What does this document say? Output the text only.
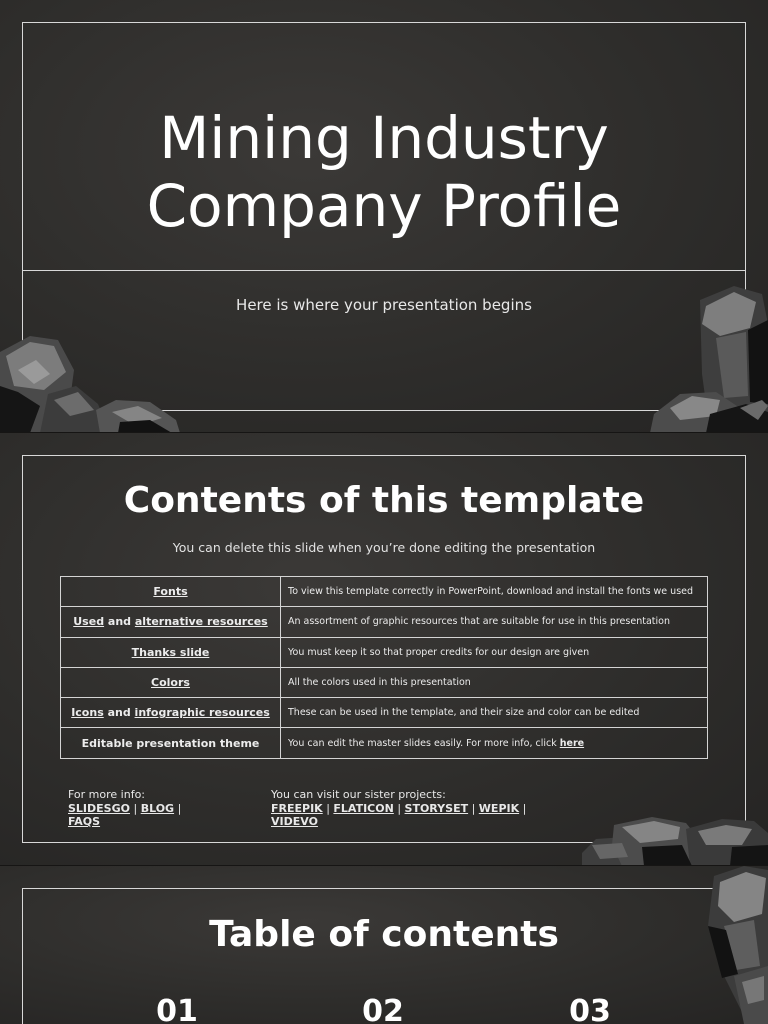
Mining Industry
Company Profile
Here is where your presentation begins
Contents of this template
You can delete this slide when you’re done editing the presentation
Fonts	To view this template correctly in PowerPoint, download and install the fonts we used
Used and alternative resources	An assortment of graphic resources that are suitable for use in this presentation
Thanks slide	You must keep it so that proper credits for our design are given
Colors	All the colors used in this presentation
Icons and infographic resources	These can be used in the template, and their size and color can be edited
Editable presentation theme	You can edit the master slides easily. For more info, click here
For more info:
SLIDESGO | BLOG |
FAQS
You can visit our sister projects:
FREEPIK | FLATICON | STORYSET | WEPIK |
VIDEVO
Table of contents
01	02	03
